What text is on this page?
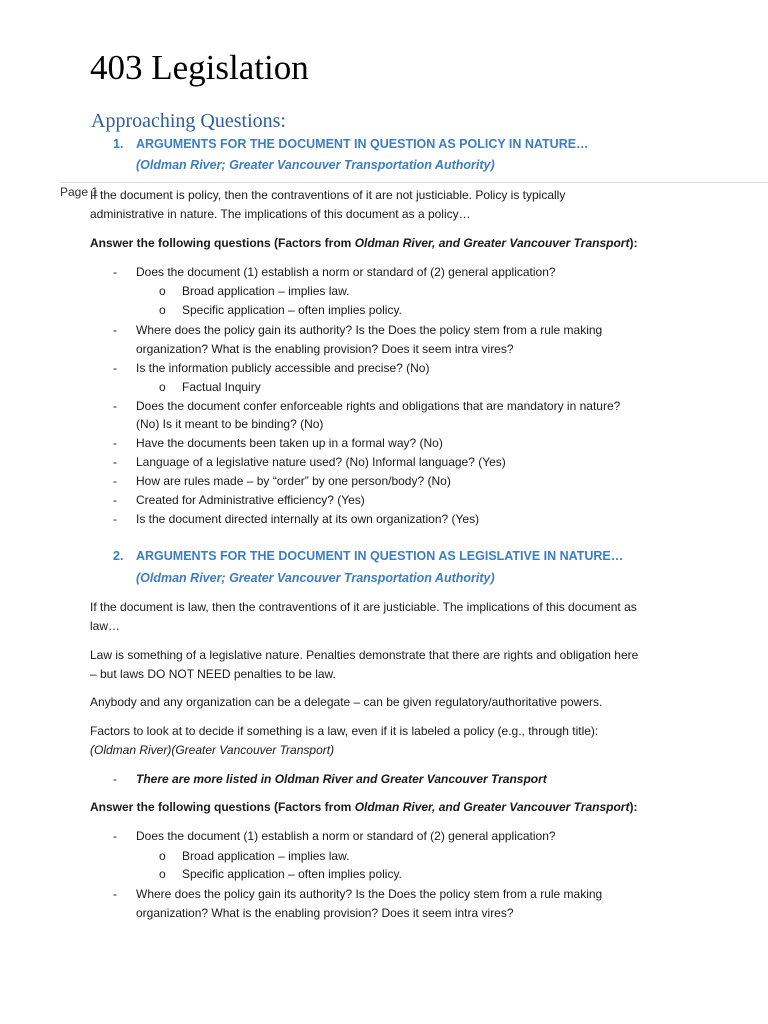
403 Legislation
Approaching Questions:
1. ARGUMENTS FOR THE DOCUMENT IN QUESTION AS POLICY IN NATURE…
(Oldman River; Greater Vancouver Transportation Authority)
Page 1
If the document is policy, then the contraventions of it are not justiciable. Policy is typically
administrative in nature. The implications of this document as a policy…
Answer the following questions (Factors from Oldman River, and Greater Vancouver Transport):
- Does the document (1) establish a norm or standard of (2) general application?
o Broad application – implies law.
o Specific application – often implies policy.
- Where does the policy gain its authority? Is the Does the policy stem from a rule making
organization? What is the enabling provision? Does it seem intra vires?
- Is the information publicly accessible and precise? (No)
o Factual Inquiry
- Does the document confer enforceable rights and obligations that are mandatory in nature?
(No) Is it meant to be binding? (No)
- Have the documents been taken up in a formal way? (No)
- Language of a legislative nature used? (No) Informal language? (Yes)
- How are rules made – by “order” by one person/body? (No)
- Created for Administrative efficiency? (Yes)
- Is the document directed internally at its own organization? (Yes)
2. ARGUMENTS FOR THE DOCUMENT IN QUESTION AS LEGISLATIVE IN NATURE…
(Oldman River; Greater Vancouver Transportation Authority)
If the document is law, then the contraventions of it are justiciable. The implications of this document as
law…
Law is something of a legislative nature. Penalties demonstrate that there are rights and obligation here
– but laws DO NOT NEED penalties to be law.
Anybody and any organization can be a delegate – can be given regulatory/authoritative powers.
Factors to look at to decide if something is a law, even if it is labeled a policy (e.g., through title):
(Oldman River)(Greater Vancouver Transport)
- There are more listed in Oldman River and Greater Vancouver Transport
Answer the following questions (Factors from Oldman River, and Greater Vancouver Transport):
- Does the document (1) establish a norm or standard of (2) general application?
o Broad application – implies law.
o Specific application – often implies policy.
- Where does the policy gain its authority? Is the Does the policy stem from a rule making
organization? What is the enabling provision? Does it seem intra vires?
